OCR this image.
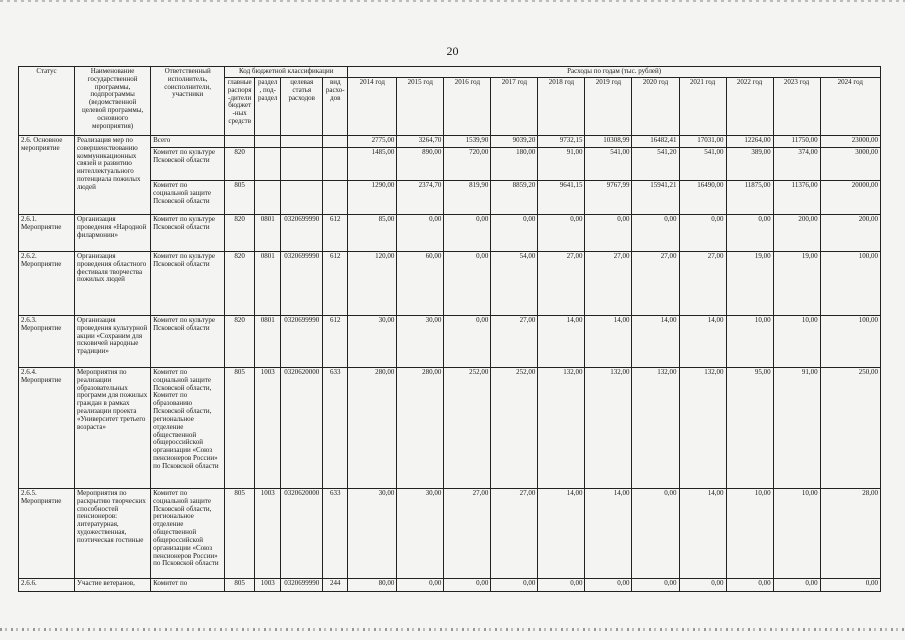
20
Статус	Наименование государственной программы, подпрограммы (ведомственной целевой программы, основного мероприятия)	Ответственный исполнитель, соисполнители, участники	Код бюджетной классификации				Расходы по годам (тыс. рублей)										
			главные распоря-дители бюджет-ных средств	раздел, под-раздел	целевая статья расходов	вид расхо-дов	2014 год	2015 год	2016 год	2017 год	2018 год	2019 год	2020 год	2021 год	2022 год	2023 год	2024 год
2.6. Основное мероприятие	Реализация мер по совершенствованию коммуникационных связей и развитию интеллектуального потенциала пожилых людей	Всего					2775,00	3264,70	1539,90	9039,20	9732,15	10308,99	16482,41	17031,00	12264,00	11750,00	23000,00
		Комитет по культуре Псковской области	820				1485,00	890,00	720,00	180,00	91,00	541,00	541,20	541,00	389,00	374,00	3000,00
		Комитет по социальной защите Псковской области	805				1290,00	2374,70	819,90	8859,20	9641,15	9767,99	15941,21	16490,00	11875,00	11376,00	20000,00
2.6.1. Мероприятие	Организация проведения «Народной филармонии»	Комитет по культуре Псковской области	820	0801	0320699990	612	85,00	0,00	0,00	0,00	0,00	0,00	0,00	0,00	0,00	200,00	200,00
2.6.2. Мероприятие	Организация проведения областного фестиваля творчества пожилых людей	Комитет по культуре Псковской области	820	0801	0320699990	612	120,00	60,00	0,00	54,00	27,00	27,00	27,00	27,00	19,00	19,00	100,00
2.6.3. Мероприятие	Организация проведения культурной акции «Сохраним для псковичей народные традиции»	Комитет по культуре Псковской области	820	0801	0320699990	612	30,00	30,00	0,00	27,00	14,00	14,00	14,00	14,00	10,00	10,00	100,00
2.6.4. Мероприятие	Мероприятия по реализации образовательных программ для пожилых граждан в рамках реализации проекта «Университет третьего возраста»	Комитет по социальной защите Псковской области, Комитет по образованию Псковской области, региональное отделение общественной общероссийской организации «Союз пенсионеров России» по Псковской области	805	1003	0320620000	633	280,00	280,00	252,00	252,00	132,00	132,00	132,00	132,00	95,00	91,00	250,00
2.6.5. Мероприятие	Мероприятия по раскрытию творческих способностей пенсионеров: литературная, художественная, поэтическая гостиные	Комитет по социальной защите Псковской области, региональное отделение общественной общероссийской организации «Союз пенсионеров России» по Псковской области	805	1003	0320620000	633	30,00	30,00	27,00	27,00	14,00	14,00	0,00	14,00	10,00	10,00	28,00
2.6.6.	Участие ветеранов,	Комитет по	805	1003	0320699990	244	80,00	0,00	0,00	0,00	0,00	0,00	0,00	0,00	0,00	0,00	0,00
